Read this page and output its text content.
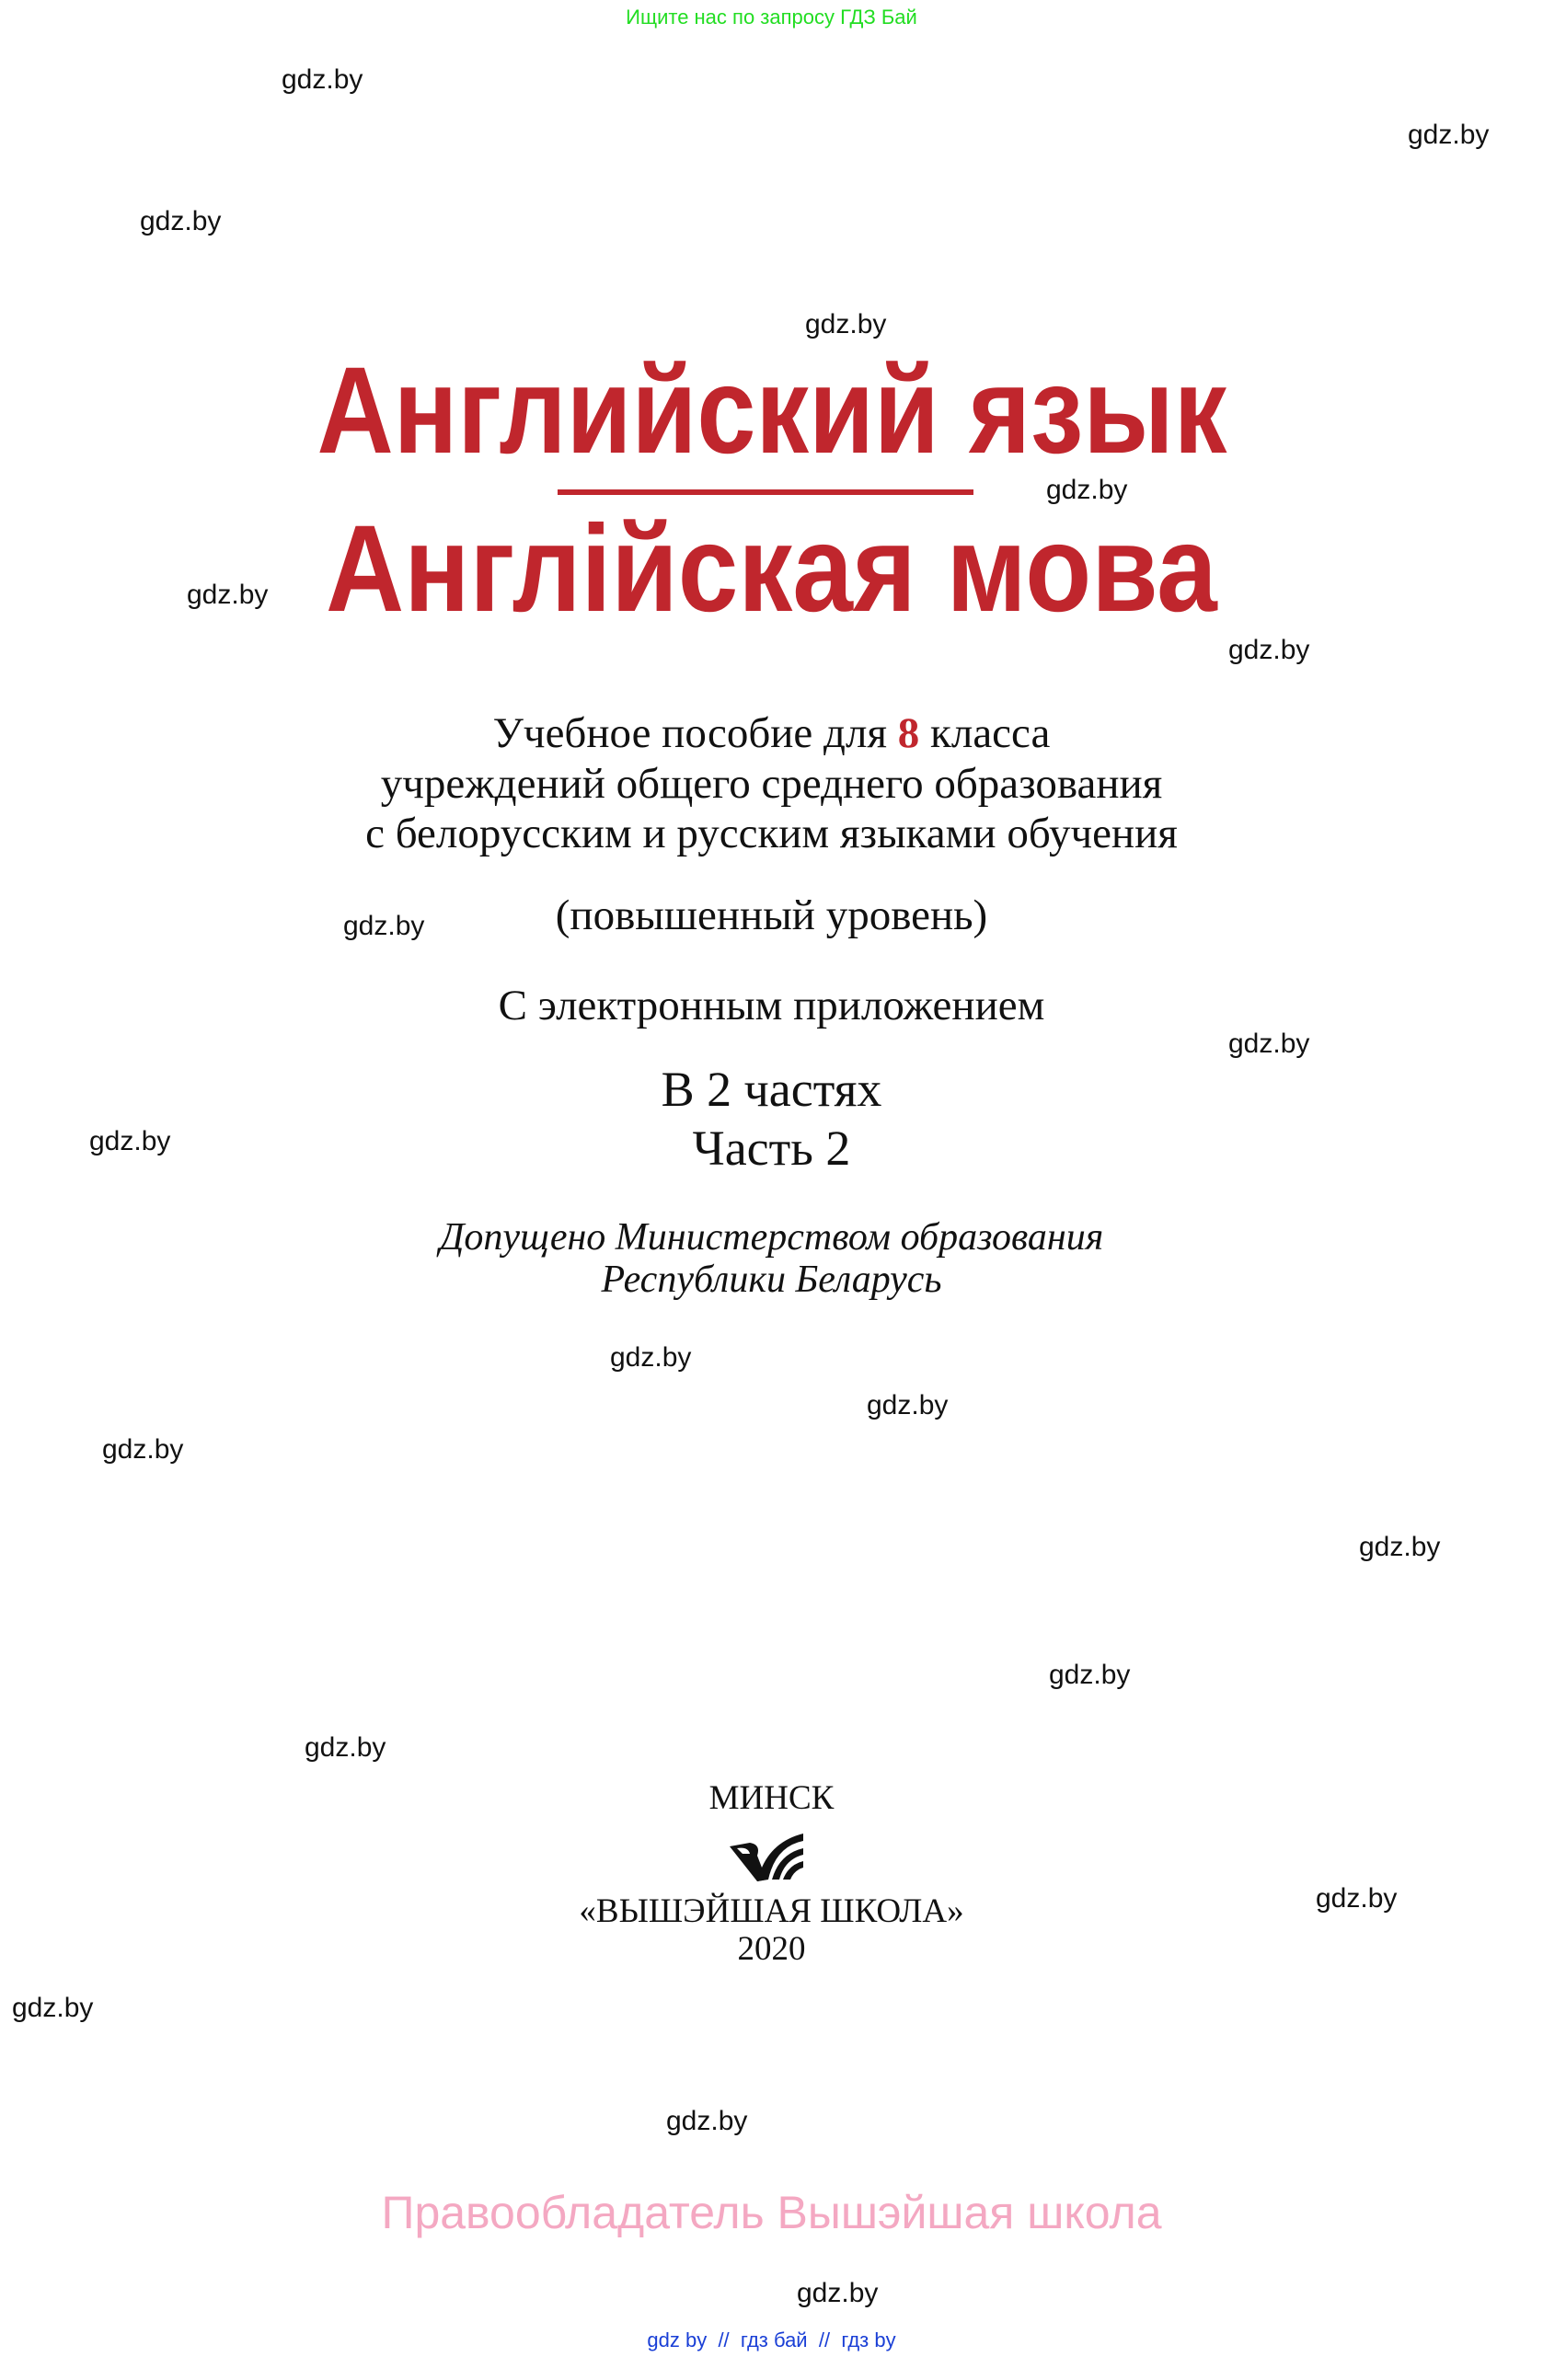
Ищите нас по запросу ГДЗ Бай
gdz.by
gdz.by
gdz.by
gdz.by
gdz.by
gdz.by
gdz.by
gdz.by
gdz.by
gdz.by
gdz.by
gdz.by
gdz.by
gdz.by
gdz.by
gdz.by
gdz.by
gdz.by
gdz.by
gdz.by
Английский язык
Англійская мова
Учебное пособие для 8 класса
учреждений общего среднего образования
с белорусским и русским языками обучения
(повышенный уровень)
С электронным приложением
В 2 частях
Часть 2
Допущено Министерством образования
Республики Беларусь
МИНСК
«ВЫШЭЙШАЯ ШКОЛА»
2020
Правообладатель Вышэйшая школа
gdz by // гдз бай // гдз by
